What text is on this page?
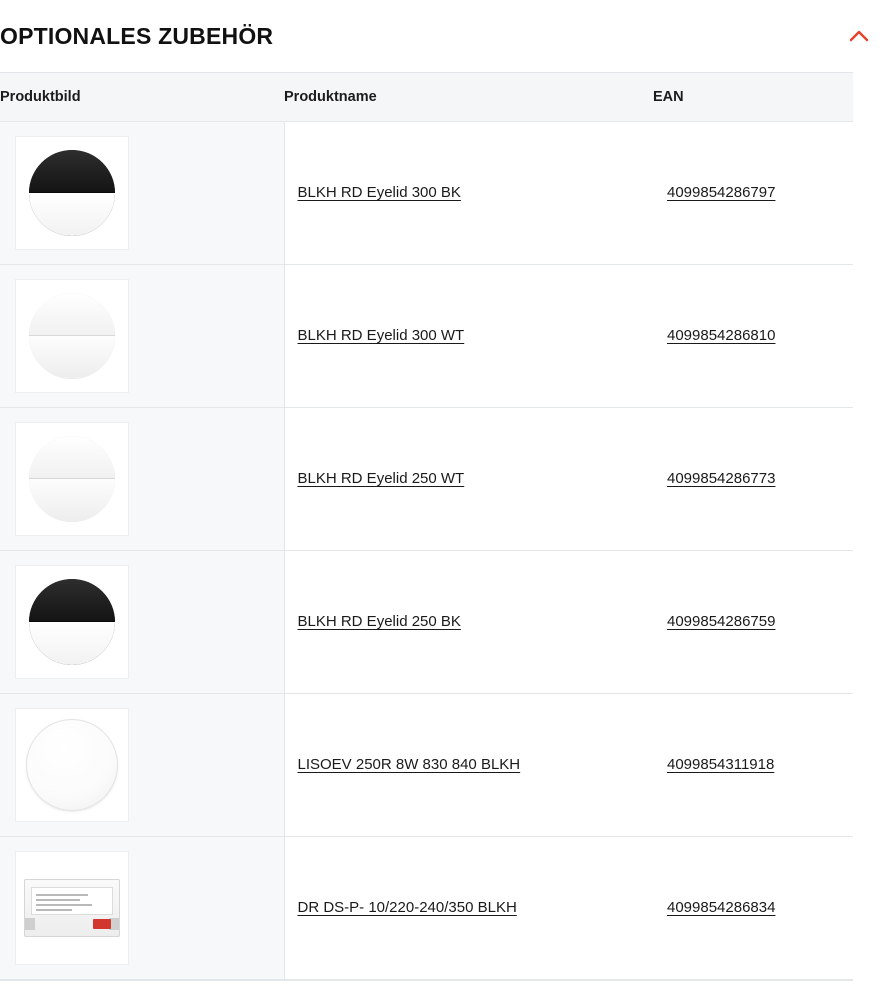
OPTIONALES ZUBEHÖR
Produktbild	Produktname	EAN

	BLKH RD Eyelid 300 BK	4099854286797

	BLKH RD Eyelid 300 WT	4099854286810

	BLKH RD Eyelid 250 WT	4099854286773

	BLKH RD Eyelid 250 BK	4099854286759

	LISOEV 250R 8W 830 840 BLKH	4099854311918

	DR DS-P- 10/220-240/350 BLKH	4099854286834
